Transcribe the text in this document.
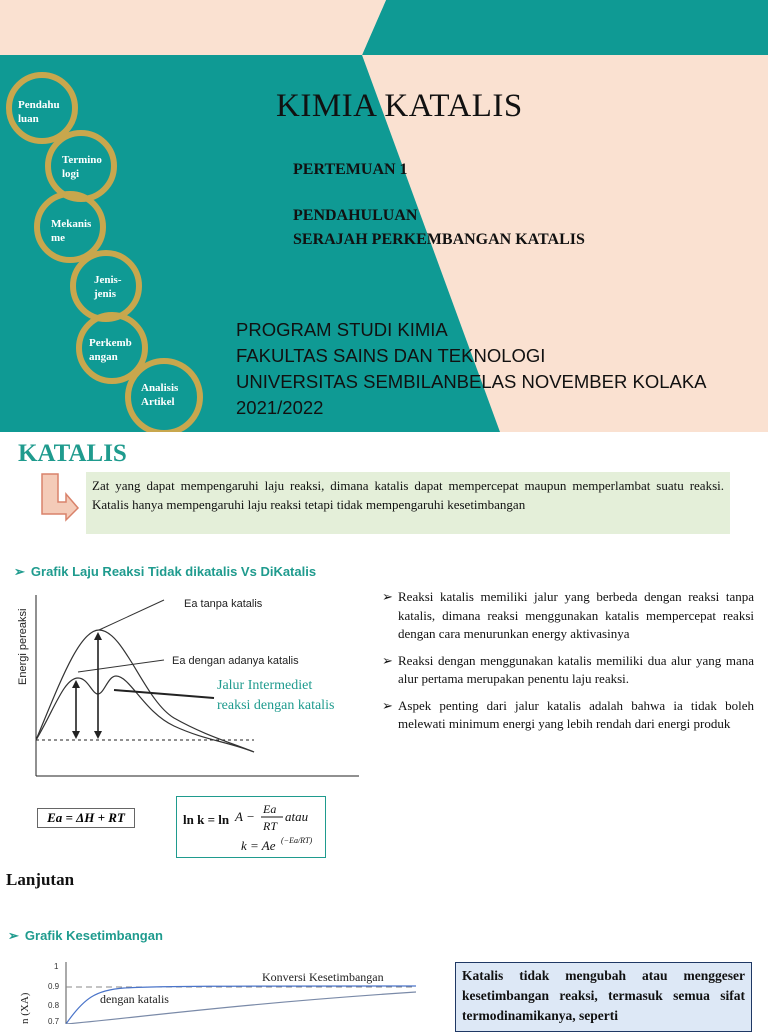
Pendahu
luan
Termino
logi
Mekanis
me
Jenis-
jenis
Perkemb
angan
Analisis
Artikel
KIMIA KATALIS
PERTEMUAN 1
PENDAHULUAN
SERAJAH PERKEMBANGAN KATALIS
PROGRAM STUDI KIMIA
FAKULTAS SAINS DAN TEKNOLOGI
UNIVERSITAS SEMBILANBELAS NOVEMBER KOLAKA
2021/2022
KATALIS
Zat yang dapat mempengaruhi laju reaksi, dimana katalis dapat mempercepat maupun memperlambat suatu reaksi. Katalis hanya mempengaruhi laju reaksi tetapi tidak mempengaruhi kesetimbangan
➢ Grafik Laju Reaksi Tidak dikatalis Vs DiKatalis
Ea tanpa katalis
Ea dengan adanya katalis
Energi pereaksi
Jalur Intermediet
reaksi dengan katalis
Ea = ΔH + RT	ln k = ln A − Ea
RT
atau
k = Ae (−Ea/RT)
➢ Reaksi katalis memiliki jalur yang berbeda dengan reaksi tanpa katalis, dimana reaksi menggunakan katalis mempercepat reaksi dengan cara menurunkan energy aktivasinya
➢ Reaksi dengan menggunakan katalis memiliki dua alur yang mana alur pertama merupakan penentu laju reaksi.
➢ Aspek penting dari jalur katalis adalah bahwa ia tidak boleh melewati minimum energi yang lebih rendah dari energi produk
Lanjutan
➢ Grafik Kesetimbangan
1
0.9
0.8
0.7
Konversi Kesetimbangan
dengan katalis
n (XA)
Katalis tidak mengubah atau menggeser kesetimbangan reaksi, termasuk semua sifat termodinamikanya, seperti
